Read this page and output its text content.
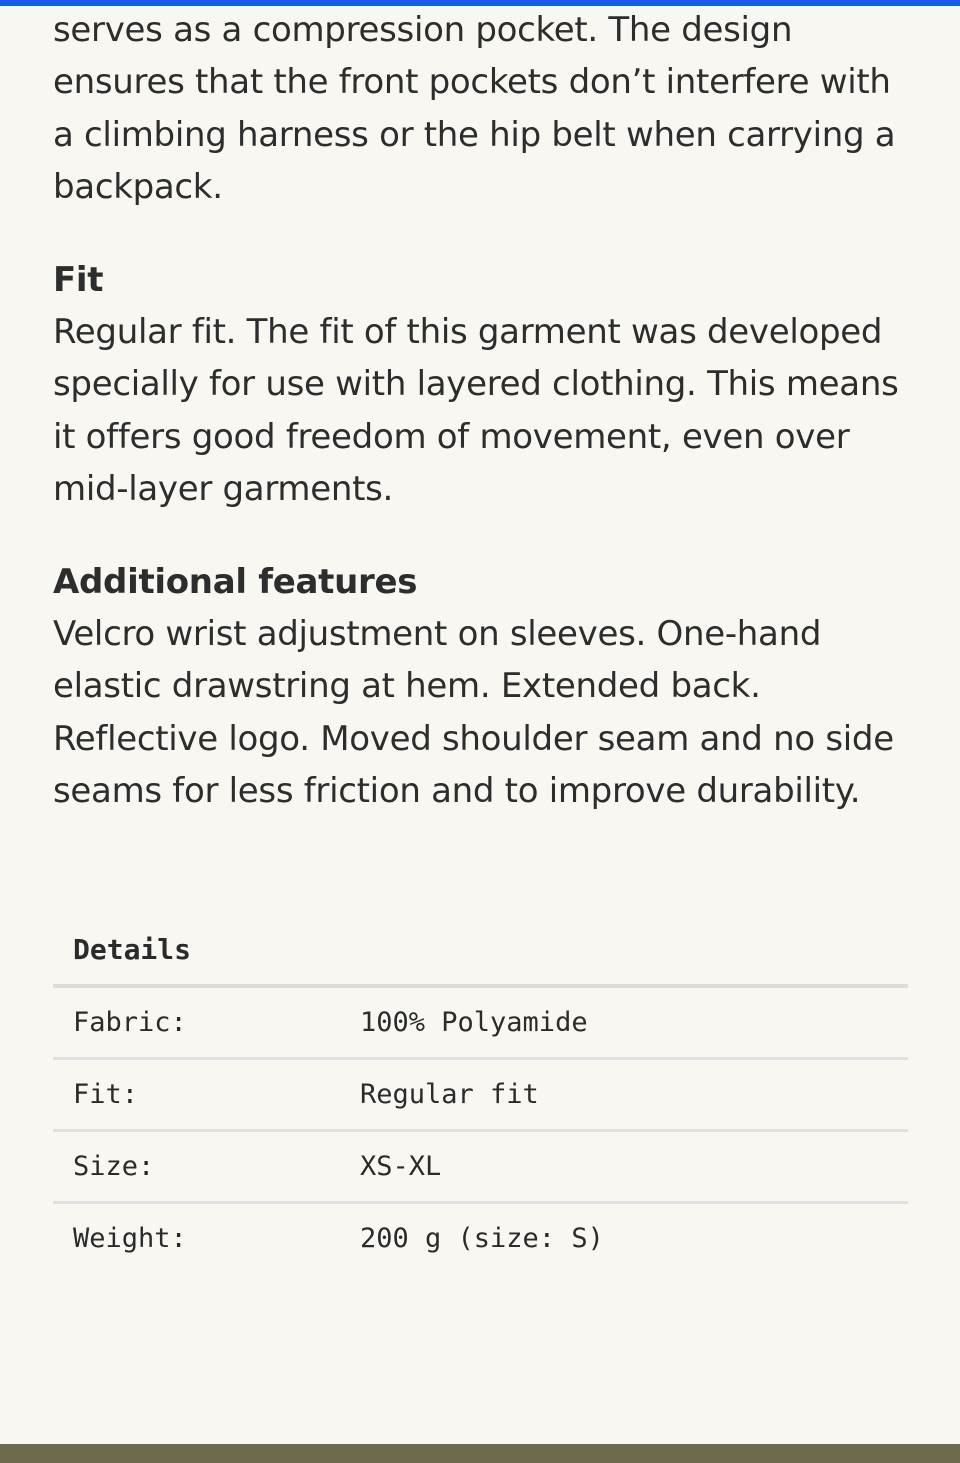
serves as a compression pocket. The design ensures that the front pockets don’t interfere with a climbing harness or the hip belt when carrying a backpack.

Fit

Regular fit. The fit of this garment was developed specially for use with layered clothing. This means it offers good freedom of movement, even over mid-layer garments.

Additional features

Velcro wrist adjustment on sleeves. One-hand elastic drawstring at hem. Extended back. Reflective logo. Moved shoulder seam and no side seams for less friction and to improve durability.

Details
Fabric:	100% Polyamide
Fit:	Regular fit
Size:	XS-XL
Weight:	200 g (size: S)
